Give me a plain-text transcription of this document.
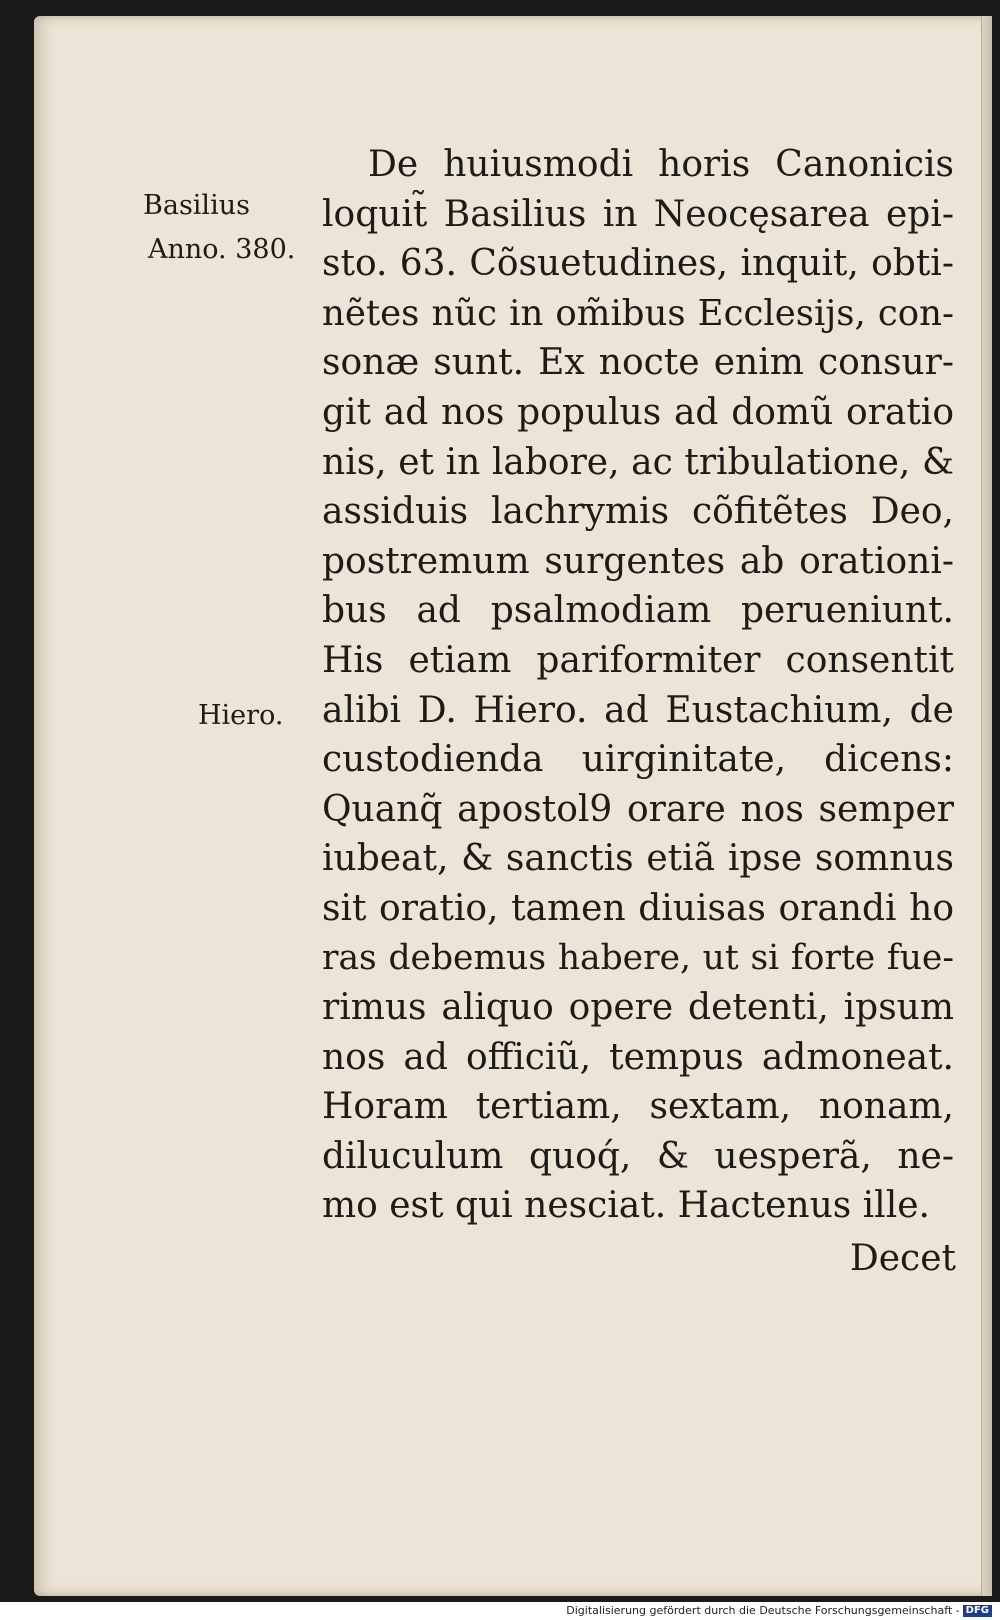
Basilius
Anno. 380.
Hiero.
De huiusmodi horis Canonicis
loquit̃ Basilius in Neocęsarea epi-
sto. 63. Cõsuetudines, inquit, obti-
nẽtes nũc in om̃ibus Ecclesijs, con-
sonæ sunt. Ex nocte enim consur-
git ad nos populus ad domũ oratio
nis, et in labore, ac tribulatione, &
assiduis lachrymis cõfitẽtes Deo,
postremum surgentes ab orationi-
bus ad psalmodiam perueniunt.
His etiam pariformiter consentit
alibi D. Hiero. ad Eustachium, de
custodienda uirginitate, dicens:
Quanq̃ apostol9 orare nos semper
iubeat, & sanctis etiã ipse somnus
sit oratio, tamen diuisas orandi ho
ras debemus habere, ut si forte fue-
rimus aliquo opere detenti, ipsum
nos ad officiũ, tempus admoneat.
Horam tertiam, sextam, nonam,
diluculum quoq́, & uesperã, ne-
mo est qui nesciat. Hactenus ille.
Decet
Digitalisierung gefördert durch die Deutsche Forschungsgemeinschaft - DFG
